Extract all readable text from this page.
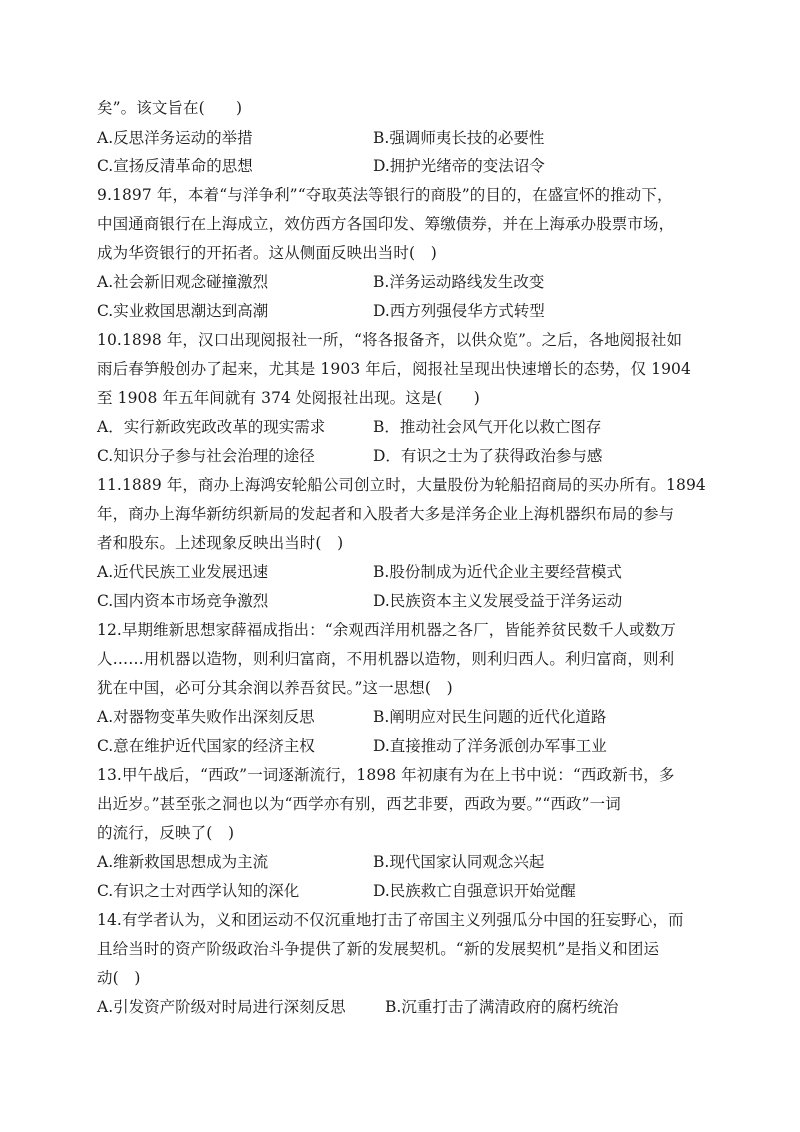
矣”。该文旨在(　　)
A.反思洋务运动的举措	B.强调师夷长技的必要性
C.宣扬反清革命的思想	D.拥护光绪帝的变法诏令
9.1897 年，本着“与洋争利”“夺取英法等银行的商股”的目的，在盛宣怀的推动下，
中国通商银行在上海成立，效仿西方各国印发、筹缴债券，并在上海承办股票市场，
成为华资银行的开拓者。这从侧面反映出当时(　)
A.社会新旧观念碰撞激烈	B.洋务运动路线发生改变
C.实业救国思潮达到高潮	D.西方列强侵华方式转型
10.1898 年，汉口出现阅报社一所，“将各报备齐，以供众览”。之后，各地阅报社如
雨后春笋般创办了起来，尤其是 1903 年后，阅报社呈现出快速增长的态势，仅 1904
至 1908 年五年间就有 374 处阅报社出现。这是(　　)
A．实行新政宪政改革的现实需求	B．推动社会风气开化以救亡图存
C.知识分子参与社会治理的途径	D．有识之士为了获得政治参与感
11.1889 年，商办上海鸿安轮船公司创立时，大量股份为轮船招商局的买办所有。1894
年，商办上海华新纺织新局的发起者和入股者大多是洋务企业上海机器织布局的参与
者和股东。上述现象反映出当时(　)
A.近代民族工业发展迅速	B.股份制成为近代企业主要经营模式
C.国内资本市场竞争激烈	D.民族资本主义发展受益于洋务运动
12.早期维新思想家薛福成指出：“余观西洋用机器之各厂，皆能养贫民数千人或数万
人……用机器以造物，则利归富商，不用机器以造物，则利归西人。利归富商，则利
犹在中国，必可分其余润以养吾贫民。”这一思想(　)
A.对器物变革失败作出深刻反思	B.阐明应对民生问题的近代化道路
C.意在维护近代国家的经济主权	D.直接推动了洋务派创办军事工业
13.甲午战后，“西政”一词逐渐流行，1898 年初康有为在上书中说：“西政新书，多
出近岁。”甚至张之洞也以为“西学亦有别，西艺非要，西政为要。”“西政”一词
的流行，反映了(　)
A.维新救国思想成为主流	B.现代国家认同观念兴起
C.有识之士对西学认知的深化	D.民族救亡自强意识开始觉醒
14.有学者认为，义和团运动不仅沉重地打击了帝国主义列强瓜分中国的狂妄野心，而
且给当时的资产阶级政治斗争提供了新的发展契机。“新的发展契机”是指义和团运
动(　)
A.引发资产阶级对时局进行深刻反思	B.沉重打击了满清政府的腐朽统治
